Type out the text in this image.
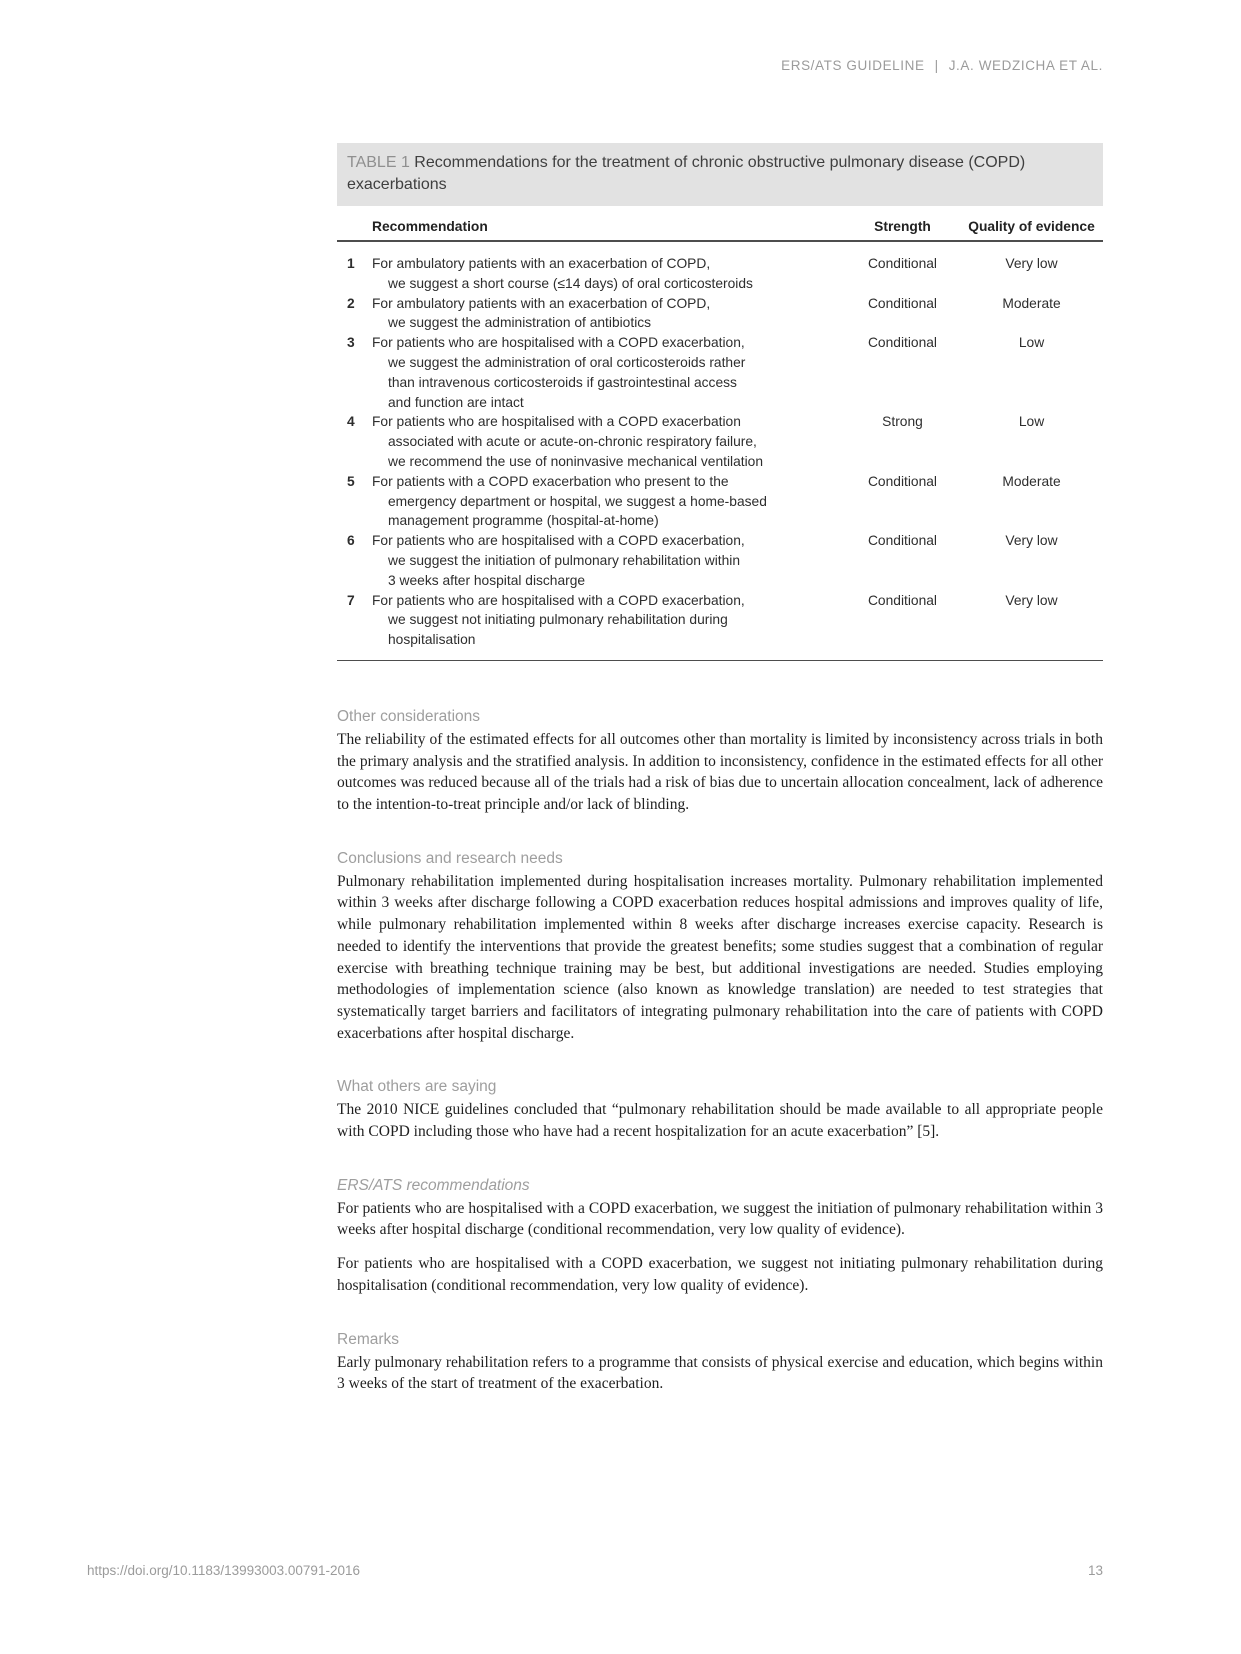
ERS/ATS GUIDELINE | J.A. WEDZICHA ET AL.
TABLE 1 Recommendations for the treatment of chronic obstructive pulmonary disease (COPD) exacerbations
Recommendation	Strength	Quality of evidence
1	For ambulatory patients with an exacerbation of COPD,
we suggest a short course (≤14 days) of oral corticosteroids
Conditional	Very low
2	For ambulatory patients with an exacerbation of COPD,
we suggest the administration of antibiotics
Conditional	Moderate
3	For patients who are hospitalised with a COPD exacerbation,
we suggest the administration of oral corticosteroids rather
than intravenous corticosteroids if gastrointestinal access
and function are intact
Conditional	Low
4	For patients who are hospitalised with a COPD exacerbation
associated with acute or acute-on-chronic respiratory failure,
we recommend the use of noninvasive mechanical ventilation
Strong	Low
5	For patients with a COPD exacerbation who present to the
emergency department or hospital, we suggest a home-based
management programme (hospital-at-home)
Conditional	Moderate
6	For patients who are hospitalised with a COPD exacerbation,
we suggest the initiation of pulmonary rehabilitation within
3 weeks after hospital discharge
Conditional	Very low
7	For patients who are hospitalised with a COPD exacerbation,
we suggest not initiating pulmonary rehabilitation during
hospitalisation
Conditional	Very low
Other considerations

The reliability of the estimated effects for all outcomes other than mortality is limited by inconsistency across trials in both the primary analysis and the stratified analysis. In addition to inconsistency, confidence in the estimated effects for all other outcomes was reduced because all of the trials had a risk of bias due to uncertain allocation concealment, lack of adherence to the intention-to-treat principle and/or lack of blinding.

Conclusions and research needs

Pulmonary rehabilitation implemented during hospitalisation increases mortality. Pulmonary rehabilitation implemented within 3 weeks after discharge following a COPD exacerbation reduces hospital admissions and improves quality of life, while pulmonary rehabilitation implemented within 8 weeks after discharge increases exercise capacity. Research is needed to identify the interventions that provide the greatest benefits; some studies suggest that a combination of regular exercise with breathing technique training may be best, but additional investigations are needed. Studies employing methodologies of implementation science (also known as knowledge translation) are needed to test strategies that systematically target barriers and facilitators of integrating pulmonary rehabilitation into the care of patients with COPD exacerbations after hospital discharge.

What others are saying

The 2010 NICE guidelines concluded that “pulmonary rehabilitation should be made available to all appropriate people with COPD including those who have had a recent hospitalization for an acute exacerbation” [5].

ERS/ATS recommendations

For patients who are hospitalised with a COPD exacerbation, we suggest the initiation of pulmonary rehabilitation within 3 weeks after hospital discharge (conditional recommendation, very low quality of evidence).

For patients who are hospitalised with a COPD exacerbation, we suggest not initiating pulmonary rehabilitation during hospitalisation (conditional recommendation, very low quality of evidence).

Remarks

Early pulmonary rehabilitation refers to a programme that consists of physical exercise and education, which begins within 3 weeks of the start of treatment of the exacerbation.

https://doi.org/10.1183/13993003.00791-2016	13
